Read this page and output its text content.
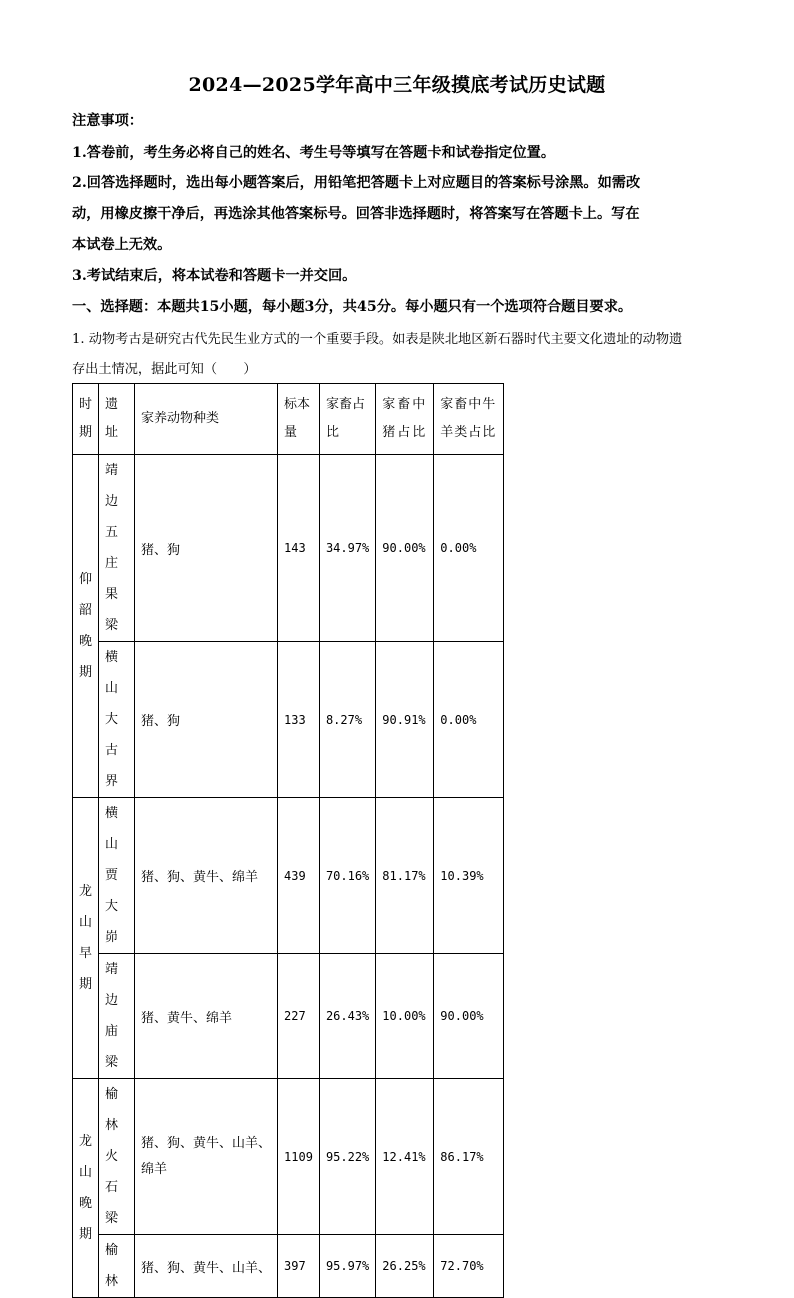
2024—2025学年高中三年级摸底考试历史试题
注意事项：
1.答卷前，考生务必将自己的姓名、考生号等填写在答题卡和试卷指定位置。
2.回答选择题时，选出每小题答案后，用铅笔把答题卡上对应题目的答案标号涂黑。如需改
动，用橡皮擦干净后，再选涂其他答案标号。回答非选择题时，将答案写在答题卡上。写在
本试卷上无效。
3.考试结束后，将本试卷和答题卡一并交回。
一、选择题：本题共15小题，每小题3分，共45分。每小题只有一个选项符合题目要求。
1. 动物考古是研究古代先民生业方式的一个重要手段。如表是陕北地区新石器时代主要文化遗址的动物遗
存出土情况，据此可知（　　）
时期	遗址	家养动物种类	标本量	家畜占比	家畜中猪占比	家畜中牛羊类占比
仰韶晚期	靖边五庄果梁	猪、狗	143	34.97%	90.00%	0.00%
	横山大古界	猪、狗	133	8.27%	90.91%	0.00%
龙山早期	横山贾大峁	猪、狗、黄牛、绵羊	439	70.16%	81.17%	10.39%
	靖边庙梁	猪、黄牛、绵羊	227	26.43%	10.00%	90.00%
龙山晚期	榆林火石梁	猪、狗、黄牛、山羊、绵羊	1109	95.22%	12.41%	86.17%
	榆林	猪、狗、黄牛、山羊、	397	95.97%	26.25%	72.70%
